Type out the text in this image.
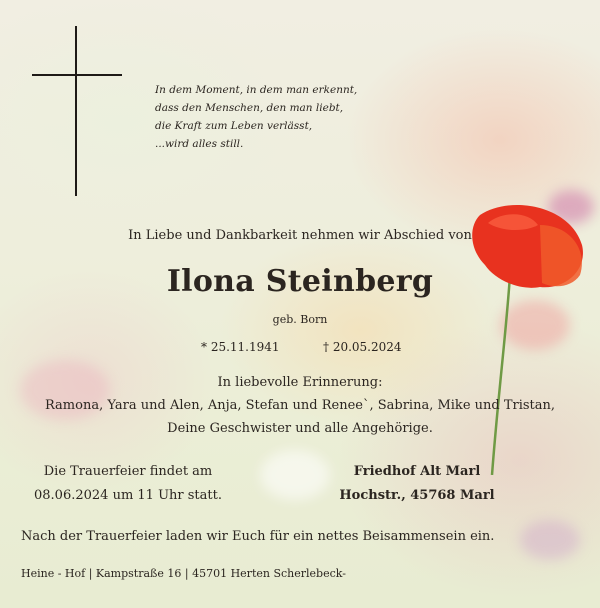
In dem Moment, in dem man erkennt,
dass den Menschen, den man liebt,
die Kraft zum Leben verlässt,
...wird alles still.
In Liebe und Dankbarkeit nehmen wir Abschied von
Ilona Steinberg
geb. Born
* 25.11.1941	† 20.05.2024
In liebevolle Erinnerung:
Ramona, Yara und Alen, Anja, Stefan und Renee`, Sabrina, Mike und Tristan,
Deine Geschwister und alle Angehörige.
Die Trauerfeier findet am
08.06.2024 um 11 Uhr statt.
Friedhof Alt Marl
Hochstr., 45768 Marl
Nach der Trauerfeier laden wir Euch für ein nettes Beisammensein ein.
Heine - Hof | Kampstraße 16 | 45701 Herten Scherlebeck-
